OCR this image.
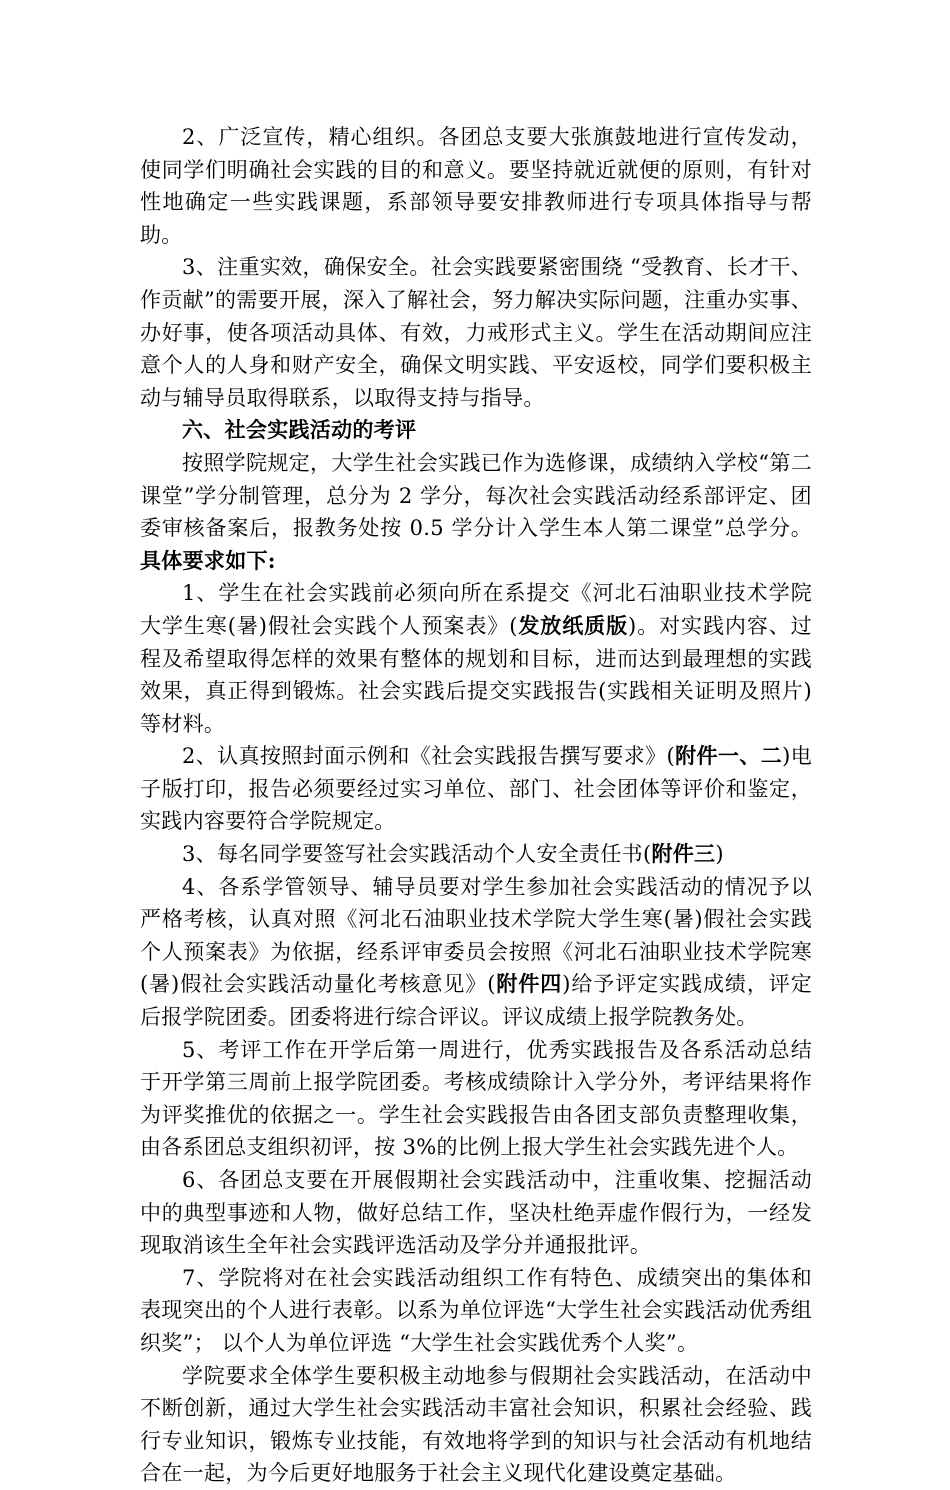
2、广泛宣传，精心组织。各团总支要大张旗鼓地进行宣传发动，使同学们明确社会实践的目的和意义。要坚持就近就便的原则，有针对性地确定一些实践课题，系部领导要安排教师进行专项具体指导与帮助。

3、注重实效，确保安全。社会实践要紧密围绕 “受教育、长才干、作贡献”的需要开展，深入了解社会，努力解决实际问题，注重办实事、办好事，使各项活动具体、有效，力戒形式主义。学生在活动期间应注意个人的人身和财产安全，确保文明实践、平安返校，同学们要积极主动与辅导员取得联系，以取得支持与指导。

六、社会实践活动的考评

按照学院规定，大学生社会实践已作为选修课，成绩纳入学校“第二课堂”学分制管理，总分为 2 学分，每次社会实践活动经系部评定、团委审核备案后，报教务处按 0.5 学分计入学生本人第二课堂”总学分。具体要求如下:

1、学生在社会实践前必须向所在系提交《河北石油职业技术学院大学生寒(暑)假社会实践个人预案表》(发放纸质版)。对实践内容、过程及希望取得怎样的效果有整体的规划和目标，进而达到最理想的实践效果，真正得到锻炼。社会实践后提交实践报告(实践相关证明及照片)等材料。

2、认真按照封面示例和《社会实践报告撰写要求》(附件一、二)电子版打印，报告必须要经过实习单位、部门、社会团体等评价和鉴定，实践内容要符合学院规定。

3、每名同学要签写社会实践活动个人安全责任书(附件三)

4、各系学管领导、辅导员要对学生参加社会实践活动的情况予以严格考核，认真对照《河北石油职业技术学院大学生寒(暑)假社会实践个人预案表》为依据，经系评审委员会按照《河北石油职业技术学院寒(暑)假社会实践活动量化考核意见》(附件四)给予评定实践成绩，评定后报学院团委。团委将进行综合评议。评议成绩上报学院教务处。

5、考评工作在开学后第一周进行，优秀实践报告及各系活动总结于开学第三周前上报学院团委。考核成绩除计入学分外，考评结果将作为评奖推优的依据之一。学生社会实践报告由各团支部负责整理收集，由各系团总支组织初评，按 3%的比例上报大学生社会实践先进个人。

6、各团总支要在开展假期社会实践活动中，注重收集、挖掘活动中的典型事迹和人物，做好总结工作，坚决杜绝弄虚作假行为，一经发现取消该生全年社会实践评选活动及学分并通报批评。

7、学院将对在社会实践活动组织工作有特色、成绩突出的集体和表现突出的个人进行表彰。以系为单位评选“大学生社会实践活动优秀组织奖”； 以个人为单位评选 “大学生社会实践优秀个人奖”。

学院要求全体学生要积极主动地参与假期社会实践活动，在活动中不断创新，通过大学生社会实践活动丰富社会知识，积累社会经验、践行专业知识，锻炼专业技能，有效地将学到的知识与社会活动有机地结合在一起，为今后更好地服务于社会主义现代化建设奠定基础。
